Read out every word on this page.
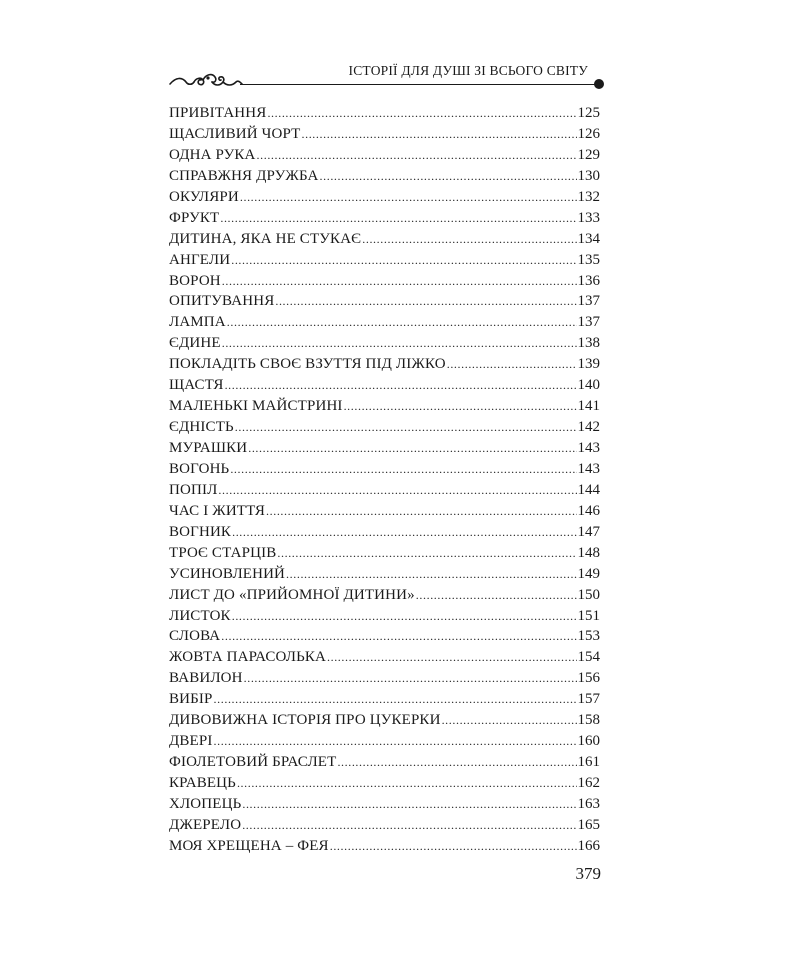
ІСТОРІЇ ДЛЯ ДУШІ ЗІ ВСЬОГО СВІТУ
ПРИВІТАННЯ .....	125
ЩАСЛИВИЙ ЧОРТ .....	126
ОДНА РУКА .....	129
СПРАВЖНЯ ДРУЖБА .....	130
ОКУЛЯРИ .....	132
ФРУКТ .....	133
ДИТИНА, ЯКА НЕ СТУКАЄ .....	134
АНГЕЛИ .....	135
ВОРОН .....	136
ОПИТУВАННЯ .....	137
ЛАМПА .....	137
ЄДИНЕ .....	138
ПОКЛАДІТЬ СВОЄ ВЗУТТЯ ПІД ЛІЖКО .....	139
ЩАСТЯ .....	140
МАЛЕНЬКІ МАЙСТРИНІ .....	141
ЄДНІСТЬ .....	142
МУРАШКИ .....	143
ВОГОНЬ .....	143
ПОПІЛ .....	144
ЧАС І ЖИТТЯ .....	146
ВОГНИК .....	147
ТРОЄ СТАРЦІВ .....	148
УСИНОВЛЕНИЙ .....	149
ЛИСТ ДО «ПРИЙОМНОЇ ДИТИНИ» .....	150
ЛИСТОК .....	151
СЛОВА .....	153
ЖОВТА ПАРАСОЛЬКА .....	154
ВАВИЛОН .....	156
ВИБІР .....	157
ДИВОВИЖНА ІСТОРІЯ ПРО ЦУКЕРКИ .....	158
ДВЕРІ .....	160
ФІОЛЕТОВИЙ БРАСЛЕТ .....	161
КРАВЕЦЬ .....	162
ХЛОПЕЦЬ .....	163
ДЖЕРЕЛО .....	165
МОЯ ХРЕЩЕНА – ФЕЯ .....	166
379
